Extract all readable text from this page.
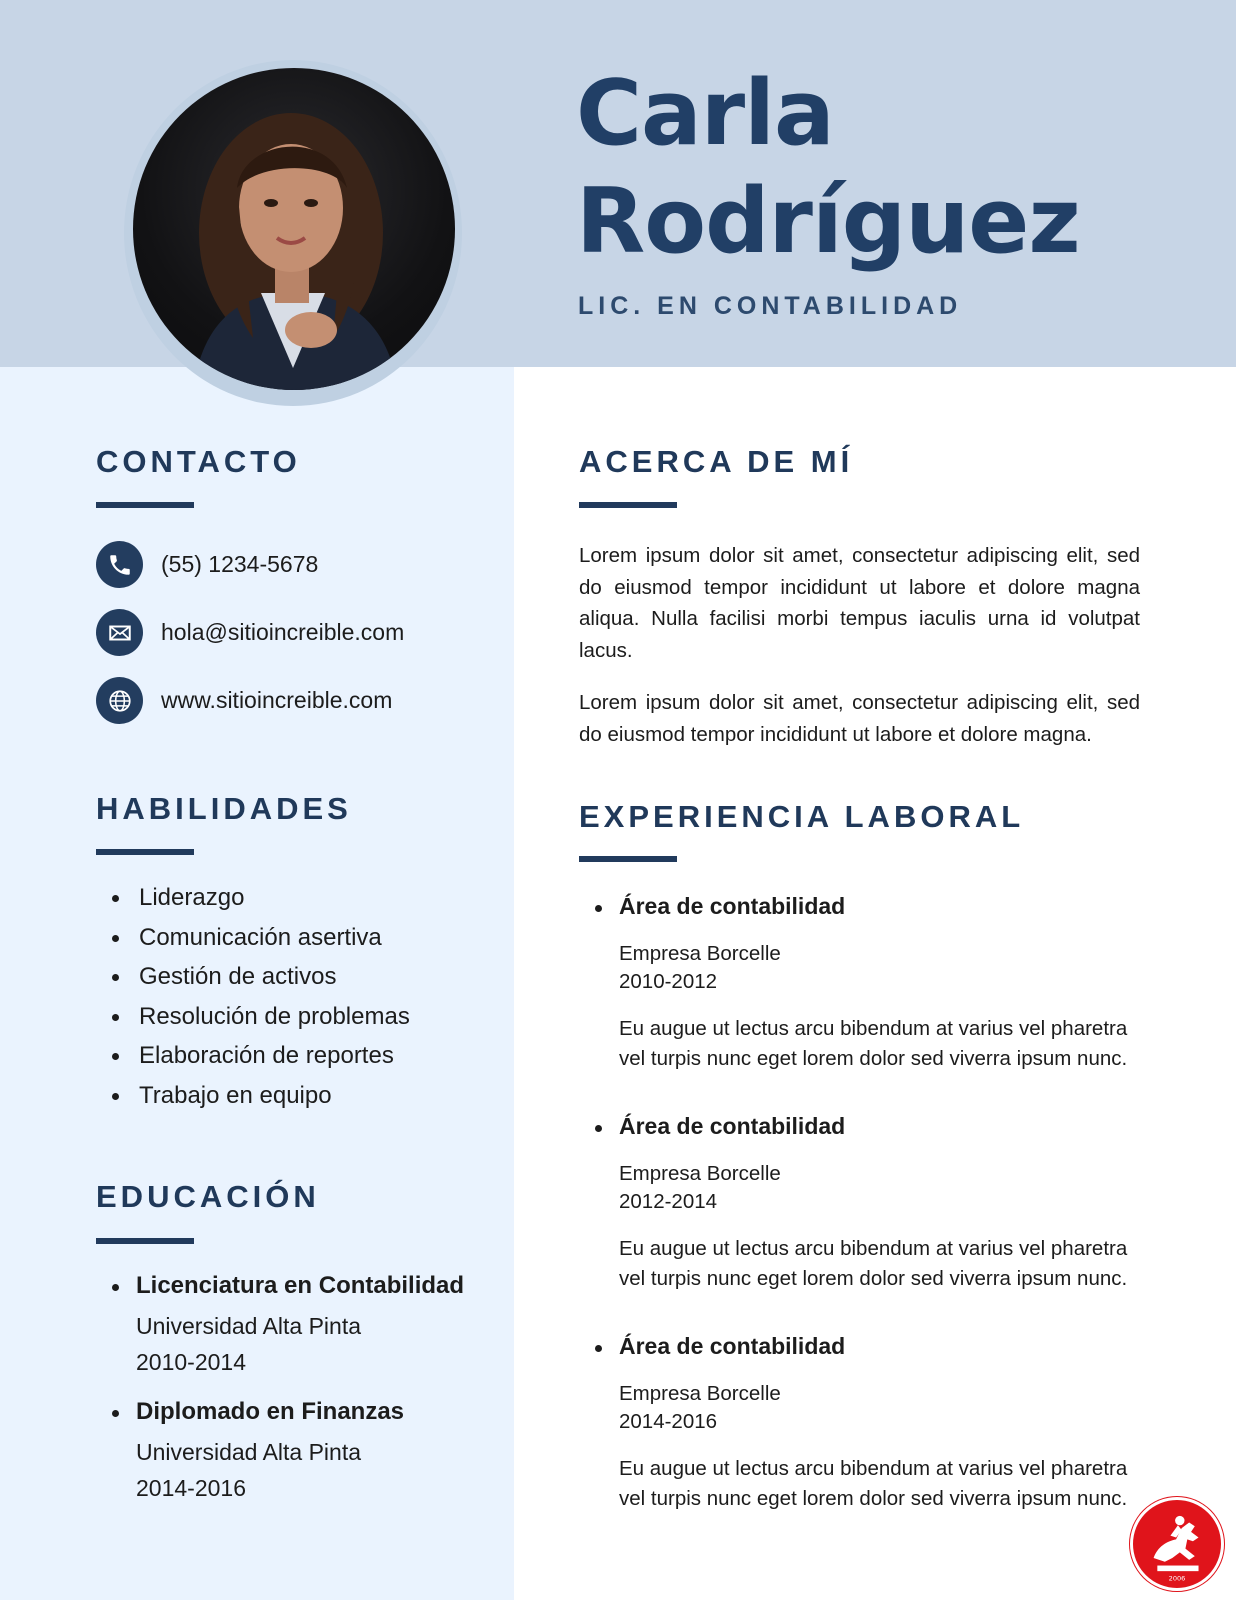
Carla
Rodríguez
LIC. EN CONTABILIDAD
CONTACTO
(55) 1234-5678
hola@sitioincreible.com
www.sitioincreible.com
HABILIDADES
Liderazgo
Comunicación asertiva
Gestión de activos
Resolución de problemas
Elaboración de reportes
Trabajo en equipo
EDUCACIÓN
Licenciatura en Contabilidad
Universidad Alta Pinta
2010-2014
Diplomado en Finanzas
Universidad Alta Pinta
2014-2016
ACERCA DE MÍ

Lorem ipsum dolor sit amet, consectetur adipiscing elit, sed do eiusmod tempor incididunt ut labore et dolore magna aliqua. Nulla facilisi morbi tempus iaculis urna id volutpat lacus.

Lorem ipsum dolor sit amet, consectetur adipiscing elit, sed do eiusmod tempor incididunt ut labore et dolore magna.

EXPERIENCIA LABORAL
Área de contabilidad
Empresa Borcelle
2010-2012
Eu augue ut lectus arcu bibendum at varius vel pharetra vel turpis nunc eget lorem dolor sed viverra ipsum nunc.
Área de contabilidad
Empresa Borcelle
2012-2014
Eu augue ut lectus arcu bibendum at varius vel pharetra vel turpis nunc eget lorem dolor sed viverra ipsum nunc.
Área de contabilidad
Empresa Borcelle
2014-2016
Eu augue ut lectus arcu bibendum at varius vel pharetra vel turpis nunc eget lorem dolor sed viverra ipsum nunc.
2006
